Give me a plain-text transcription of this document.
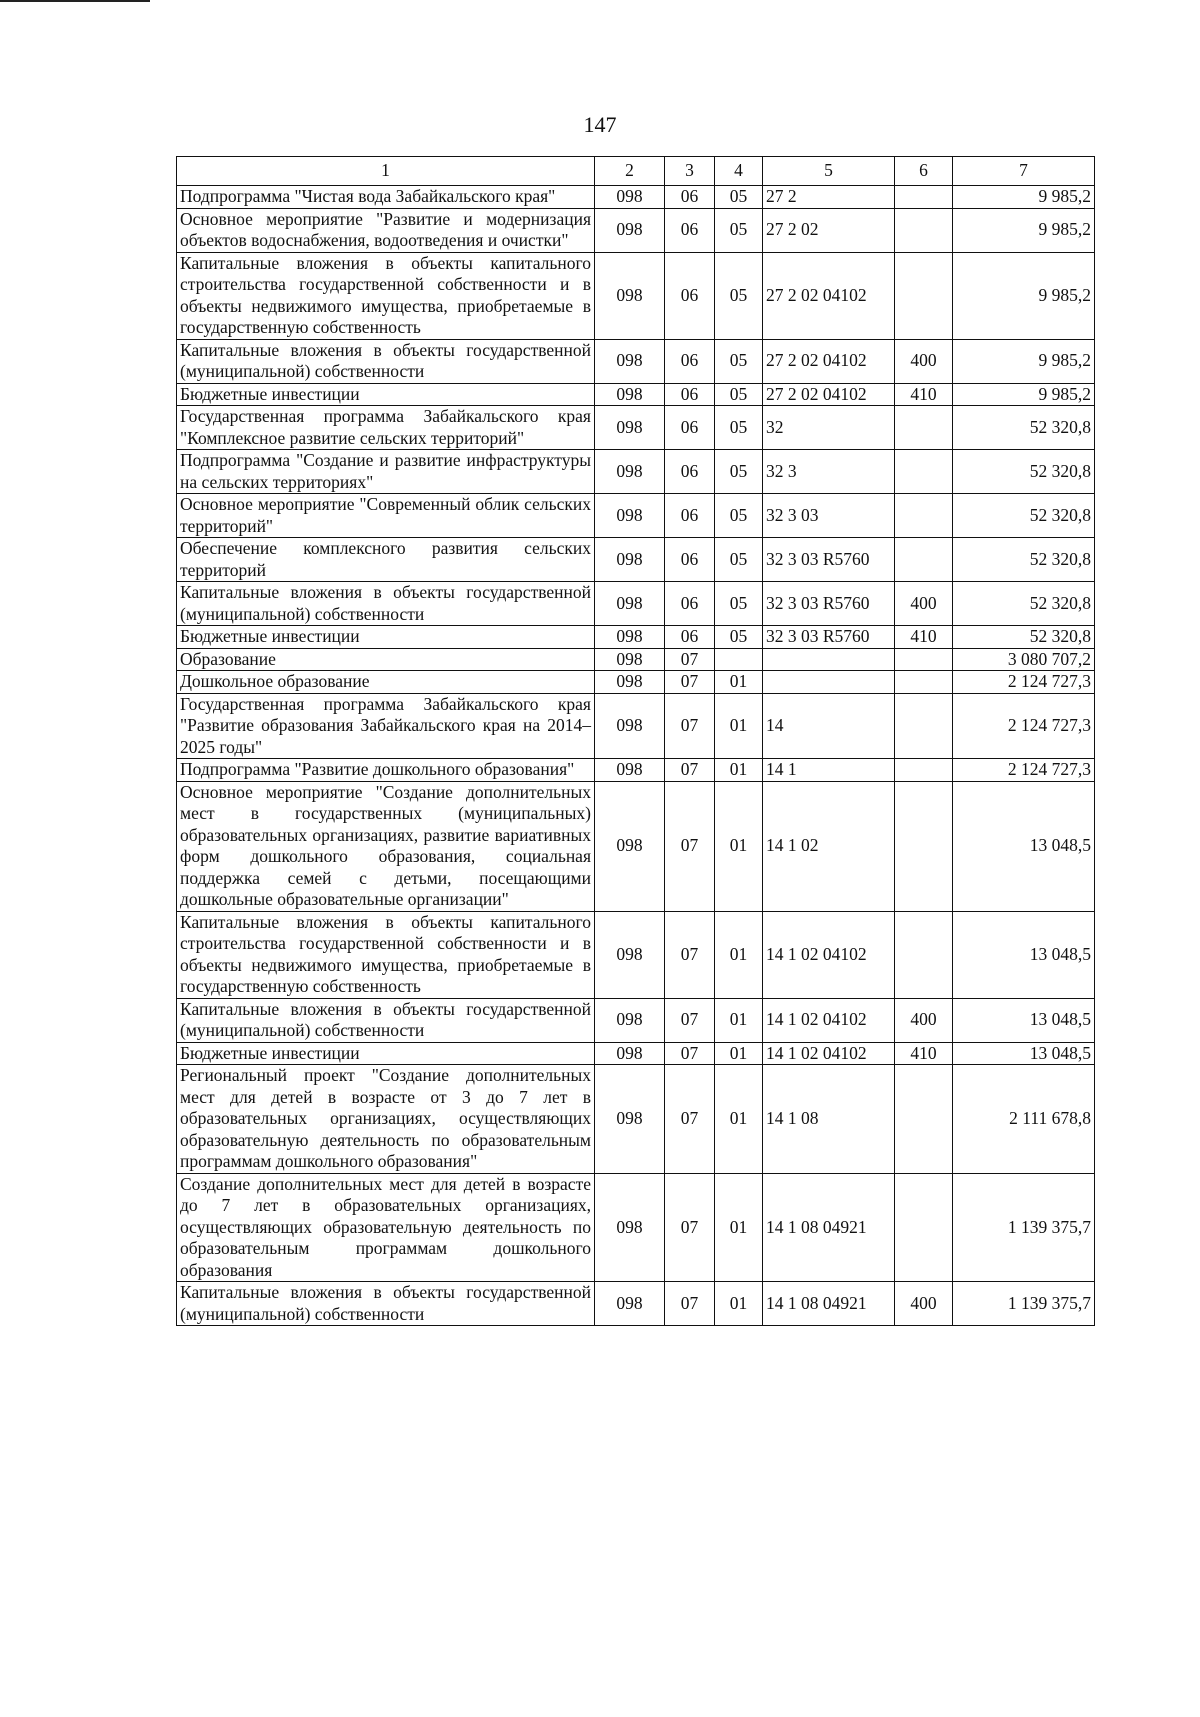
147
1	2	3	4	5	6	7
Подпрограмма "Чистая вода Забайкальского края"	098	06	05	27 2		9 985,2
Основное мероприятие "Развитие и модернизация объектов водоснабжения, водоотведения и очистки"	098	06	05	27 2 02		9 985,2
Капитальные вложения в объекты капитального строительства государственной собственности и в объекты недвижимого имущества, приобретаемые в государственную собственность	098	06	05	27 2 02 04102		9 985,2
Капитальные вложения в объекты государственной (муниципальной) собственности	098	06	05	27 2 02 04102	400	9 985,2
Бюджетные инвестиции	098	06	05	27 2 02 04102	410	9 985,2
Государственная программа Забайкальского края "Комплексное развитие сельских территорий"	098	06	05	32		52 320,8
Подпрограмма "Создание и развитие инфраструктуры на сельских территориях"	098	06	05	32 3		52 320,8
Основное мероприятие "Современный облик сельских территорий"	098	06	05	32 3 03		52 320,8
Обеспечение комплексного развития сельских территорий	098	06	05	32 3 03 R5760		52 320,8
Капитальные вложения в объекты государственной (муниципальной) собственности	098	06	05	32 3 03 R5760	400	52 320,8
Бюджетные инвестиции	098	06	05	32 3 03 R5760	410	52 320,8
Образование	098	07				3 080 707,2
Дошкольное образование	098	07	01			2 124 727,3
Государственная программа Забайкальского края "Развитие образования Забайкальского края на 2014–2025 годы"	098	07	01	14		2 124 727,3
Подпрограмма "Развитие дошкольного образования"	098	07	01	14 1		2 124 727,3
Основное мероприятие "Создание дополнительных мест в государственных (муниципальных) образовательных организациях, развитие вариативных форм дошкольного образования, социальная поддержка семей с детьми, посещающими дошкольные образовательные организации"	098	07	01	14 1 02		13 048,5
Капитальные вложения в объекты капитального строительства государственной собственности и в объекты недвижимого имущества, приобретаемые в государственную собственность	098	07	01	14 1 02 04102		13 048,5
Капитальные вложения в объекты государственной (муниципальной) собственности	098	07	01	14 1 02 04102	400	13 048,5
Бюджетные инвестиции	098	07	01	14 1 02 04102	410	13 048,5
Региональный проект "Создание дополнительных мест для детей в возрасте от 3 до 7 лет в образовательных организациях, осуществляющих образовательную деятельность по образовательным программам дошкольного образования"	098	07	01	14 1 08		2 111 678,8
Создание дополнительных мест для детей в возрасте до 7 лет в образовательных организациях, осуществляющих образовательную деятельность по образовательным программам дошкольного образования	098	07	01	14 1 08 04921		1 139 375,7
Капитальные вложения в объекты государственной (муниципальной) собственности	098	07	01	14 1 08 04921	400	1 139 375,7
